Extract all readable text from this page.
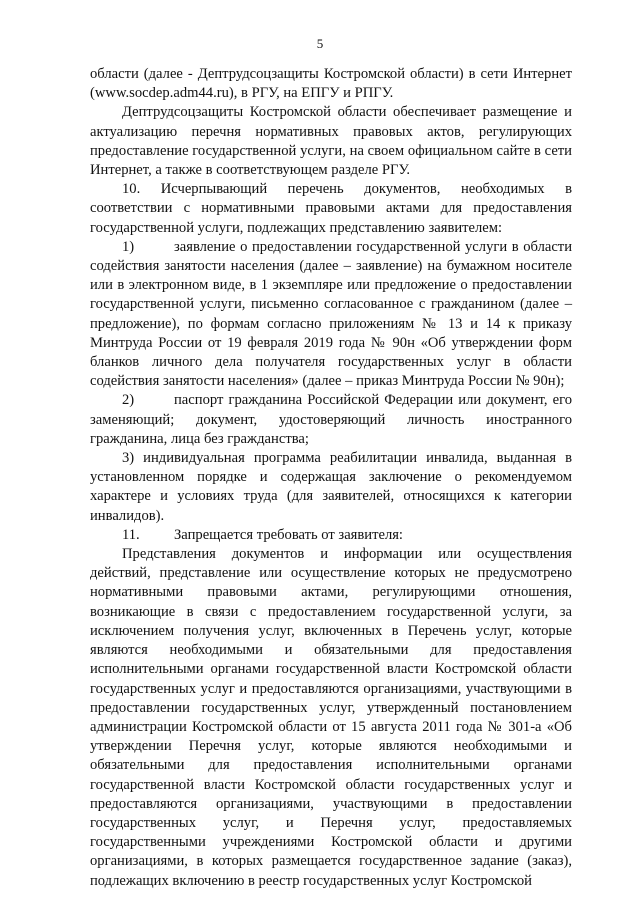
5

области (далее - Дептрудсоцзащиты Костромской области) в сети Интернет (www.socdep.adm44.ru), в РГУ, на ЕПГУ и РПГУ.

Дептрудсоцзащиты Костромской области обеспечивает размещение и актуализацию перечня нормативных правовых актов, регулирующих предоставление государственной услуги, на своем официальном сайте в сети Интернет, а также в соответствующем разделе РГУ.

10. Исчерпывающий перечень документов, необходимых в соответствии с нормативными правовыми актами для предоставления государственной услуги, подлежащих представлению заявителем:

1)	заявление о предоставлении государственной услуги в области содействия занятости населения (далее – заявление) на бумажном носителе или в электронном виде, в 1 экземпляре или предложение о предоставлении государственной услуги, письменно согласованное с гражданином (далее – предложение), по формам согласно приложениям № 13 и 14 к приказу Минтруда России от 19 февраля 2019 года № 90н «Об утверждении форм бланков личного дела получателя государственных услуг в области содействия занятости населения» (далее – приказ Минтруда России № 90н);

2)	паспорт гражданина Российской Федерации или документ, его заменяющий; документ, удостоверяющий личность иностранного гражданина, лица без гражданства;

3) индивидуальная программа реабилитации инвалида, выданная в установленном порядке и содержащая заключение о рекомендуемом характере и условиях труда (для заявителей, относящихся к категории инвалидов).

11. Запрещается требовать от заявителя:

Представления документов и информации или осуществления действий, представление или осуществление которых не предусмотрено нормативными правовыми актами, регулирующими отношения, возникающие в связи с предоставлением государственной услуги, за исключением получения услуг, включенных в Перечень услуг, которые являются необходимыми и обязательными для предоставления исполнительными органами государственной власти Костромской области государственных услуг и предоставляются организациями, участвующими в предоставлении государственных услуг, утвержденный постановлением администрации Костромской области от 15 августа 2011 года № 301-а «Об утверждении Перечня услуг, которые являются необходимыми и обязательными для предоставления исполнительными органами государственной власти Костромской области государственных услуг и предоставляются организациями, участвующими в предоставлении государственных услуг, и Перечня услуг, предоставляемых государственными учреждениями Костромской области и другими организациями, в которых размещается государственное задание (заказ), подлежащих включению в реестр государственных услуг Костромской
